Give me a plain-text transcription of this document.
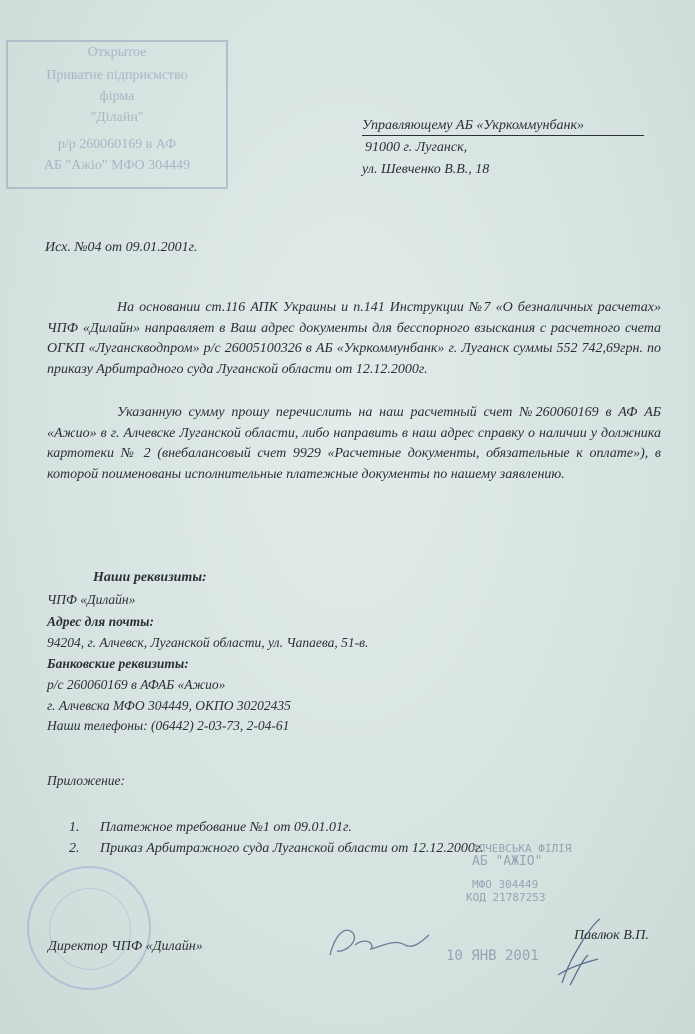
Открытое
Приватне підприємство
фірма
"Ділайн"
р/р 260060169 в АФ
АБ "Ажіо" МФО 304449
Управляющему АБ «Укркоммунбанк»
91000 г. Луганск,
ул. Шевченко В.В., 18
Исх. №04 от 09.01.2001г.
На основании ст.116 АПК Украины и п.141 Инструкции №7 «О безналичных расчетах» ЧПФ «Дилайн» направляет в Ваш адрес документы для бесспорного взыскания с расчетного счета ОГКП «Луганскводпром» р/с 26005100326 в АБ «Укркоммунбанк» г. Луганск суммы 552 742,69грн. по приказу Арбитрадного суда Луганской области от 12.12.2000г.
Указанную сумму прошу перечислить на наш расчетный счет №260060169 в АФ АБ «Ажио» в г. Алчевске Луганской области, либо направить в наш адрес справку о наличии у должника картотеки № 2 (внебалансовый счет 9929 «Расчетные документы, обязательные к оплате»), в которой поименованы исполнительные платежные документы по нашему заявлению.
Наши реквизиты:
ЧПФ «Дилайн»
Адрес для почты:
94204, г. Алчевск, Луганской области, ул. Чапаева, 51-в.
Банковские реквизиты:
р/с 260060169 в АФАБ «Ажио»
г. Алчевска МФО 304449, ОКПО 30202435
Наши телефоны: (06442) 2-03-73, 2-04-61
Приложение:
1. Платежное требование №1 от 09.01.01г.
2. Приказ Арбитражного суда Луганской области от 12.12.2000г.
АЛЧЕВСЬКА ФІЛІЯ
АБ "АЖІО"
МФО 304449
КОД 21787253
10 ЯНВ 2001
Директор ЧПФ «Дилайн»
Павлюк В.П.
